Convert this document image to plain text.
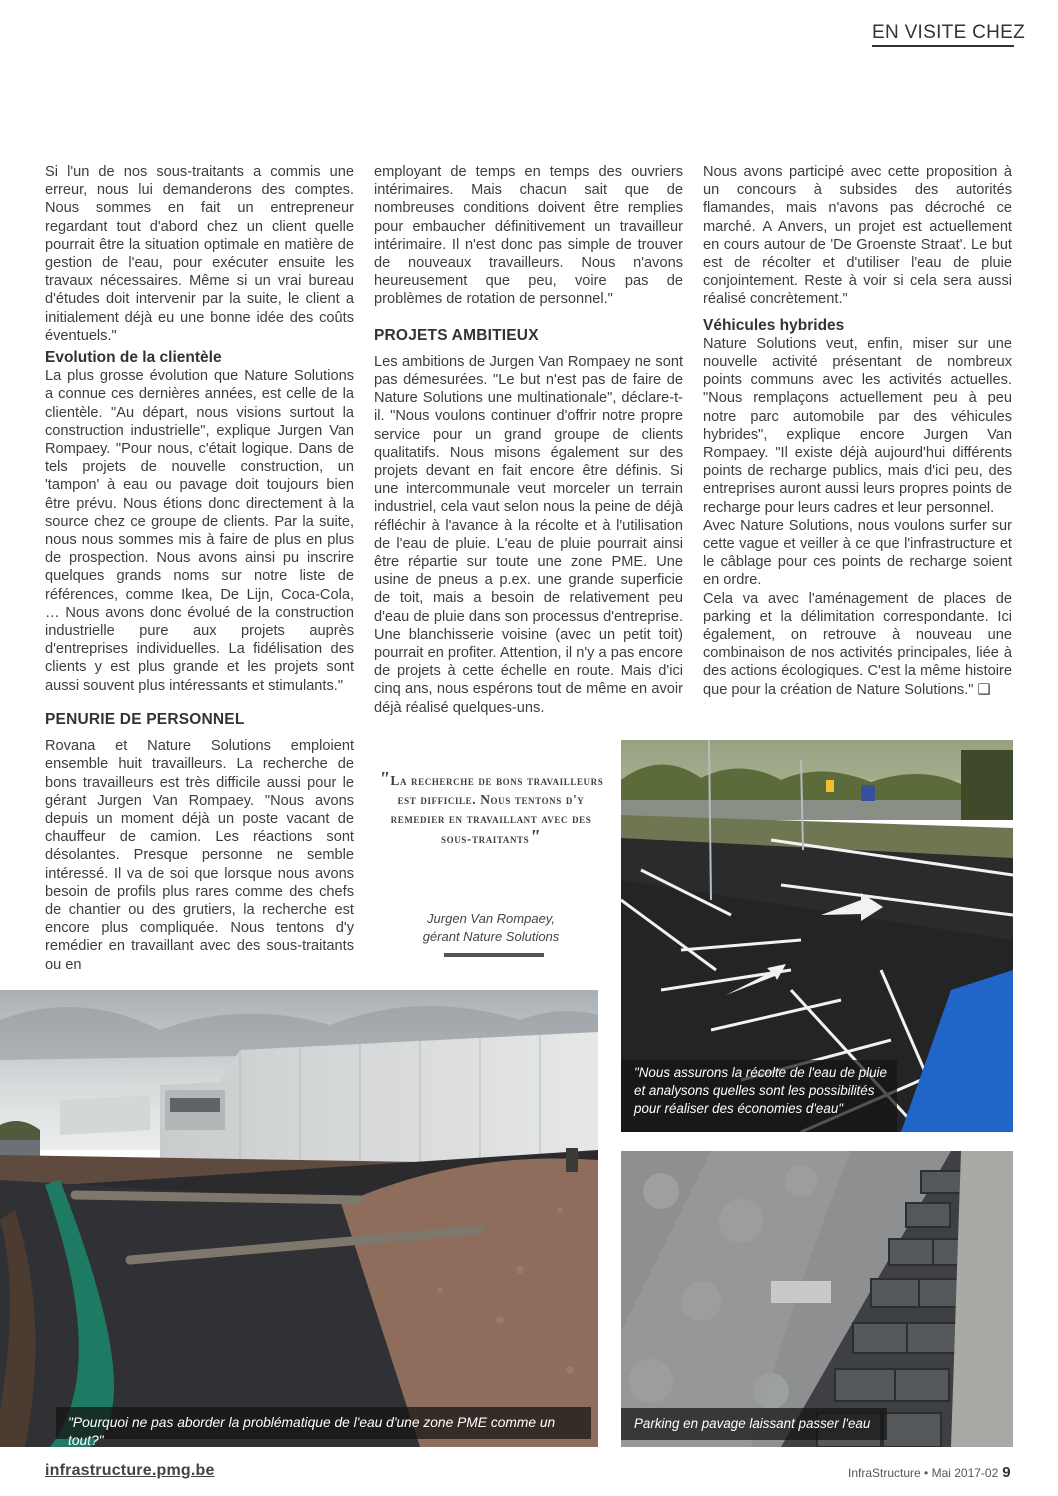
EN VISITE CHEZ

Si l'un de nos sous-traitants a commis une erreur, nous lui demanderons des comptes. Nous sommes en fait un entrepreneur regardant tout d'abord chez un client quelle pourrait être la situation optimale en matière de gestion de l'eau, pour exécuter ensuite les travaux nécessaires. Même si un vrai bureau d'études doit intervenir par la suite, le client a initialement déjà eu une bonne idée des coûts éventuels."

Evolution de la clientèle

La plus grosse évolution que Nature Solutions a connue ces dernières années, est celle de la clientèle. "Au départ, nous visions surtout la construction industrielle", explique Jurgen Van Rompaey. "Pour nous, c'était logique. Dans de tels projets de nouvelle construction, un 'tampon' à eau ou pavage doit toujours bien être prévu. Nous étions donc directement à la source chez ce groupe de clients. Par la suite, nous nous sommes mis à faire de plus en plus de prospection. Nous avons ainsi pu inscrire quelques grands noms sur notre liste de références, comme Ikea, De Lijn, Coca-Cola, … Nous avons donc évolué de la construction industrielle pure aux projets auprès d'entreprises individuelles. La fidélisation des clients y est plus grande et les projets sont aussi souvent plus intéressants et stimulants."

PENURIE DE PERSONNEL

Rovana et Nature Solutions emploient ensemble huit travailleurs. La recherche de bons travailleurs est très difficile aussi pour le gérant Jurgen Van Rompaey. "Nous avons depuis un moment déjà un poste vacant de chauffeur de camion. Les réactions sont désolantes. Presque personne ne semble intéressé. Il va de soi que lorsque nous avons besoin de profils plus rares comme des chefs de chantier ou des grutiers, la recherche est encore plus compliquée. Nous tentons d'y remédier en travaillant avec des sous-traitants ou en

employant de temps en temps des ouvriers intérimaires. Mais chacun sait que de nombreuses conditions doivent être remplies pour embaucher définitivement un travailleur intérimaire. Il n'est donc pas simple de trouver de nouveaux travailleurs. Nous n'avons heureusement que peu, voire pas de problèmes de rotation de personnel."

PROJETS AMBITIEUX

Les ambitions de Jurgen Van Rompaey ne sont pas démesurées. "Le but n'est pas de faire de Nature Solutions une multinationale", déclare-t-il. "Nous voulons continuer d'offrir notre propre service pour un grand groupe de clients qualitatifs. Nous misons également sur des projets devant en fait encore être définis. Si une intercommunale veut morceler un terrain industriel, cela vaut selon nous la peine de déjà réfléchir à l'avance à la récolte et à l'utilisation de l'eau de pluie. L'eau de pluie pourrait ainsi être répartie sur toute une zone PME. Une usine de pneus a p.ex. une grande superficie de toit, mais a besoin de relativement peu d'eau de pluie dans son processus d'entreprise. Une blanchisserie voisine (avec un petit toit) pourrait en profiter. Attention, il n'y a pas encore de projets à cette échelle en route. Mais d'ici cinq ans, nous espérons tout de même en avoir déjà réalisé quelques-uns.

Nous avons participé avec cette proposition à un concours à subsides des autorités flamandes, mais n'avons pas décroché ce marché. A Anvers, un projet est actuellement en cours autour de 'De Groenste Straat'. Le but est de récolter et d'utiliser l'eau de pluie conjointement. Reste à voir si cela sera aussi réalisé concrètement."

Véhicules hybrides

Nature Solutions veut, enfin, miser sur une nouvelle activité présentant de nombreux points communs avec les activités actuelles. "Nous remplaçons actuellement peu à peu notre parc automobile par des véhicules hybrides", explique encore Jurgen Van Rompaey. "Il existe déjà aujourd'hui différents points de recharge publics, mais d'ici peu, des entreprises auront aussi leurs propres points de recharge pour leurs cadres et leur personnel.

Avec Nature Solutions, nous voulons surfer sur cette vague et veiller à ce que l'infrastructure et le câblage pour ces points de recharge soient en ordre.

Cela va avec l'aménagement de places de parking et la délimitation correspondante. Ici également, on retrouve à nouveau une combinaison de nos activités principales, liée à des actions écologiques. C'est la même histoire que pour la création de Nature Solutions." ❑

"La recherche de bons travailleurs est difficile. Nous tentons d'y remedier en travaillant avec des sous-traitants"
Jurgen Van Rompaey,
gérant Nature Solutions
"Nous assurons la récolte de l'eau de pluie et analysons quelles sont les possibilités pour réaliser des économies d'eau"
"Pourquoi ne pas aborder la problématique de l'eau d'une zone PME comme un tout?"
Parking en pavage laissant passer l'eau
infrastructure.pmg.be	InfraStructure • Mai 2017-02 9
